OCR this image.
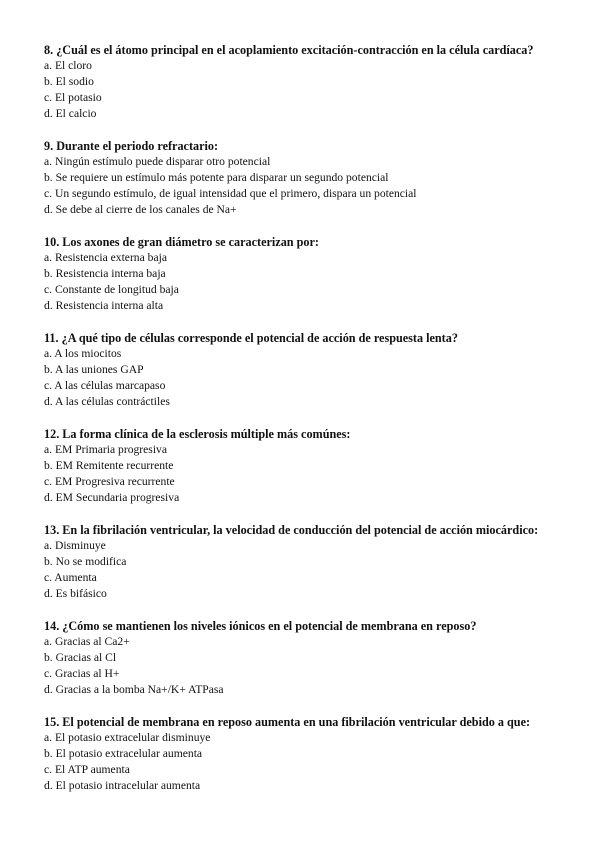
8. ¿Cuál es el átomo principal en el acoplamiento excitación-contracción en la célula cardíaca?

a. El cloro
b. El sodio
c. El potasio
d. El calcio

9. Durante el periodo refractario:

a. Ningún estímulo puede disparar otro potencial
b. Se requiere un estímulo más potente para disparar un segundo potencial
c. Un segundo estímulo, de igual intensidad que el primero, dispara un potencial
d. Se debe al cierre de los canales de Na+

10. Los axones de gran diámetro se caracterizan por:

a. Resistencia externa baja
b. Resistencia interna baja
c. Constante de longitud baja
d. Resistencia interna alta

11. ¿A qué tipo de células corresponde el potencial de acción de respuesta lenta?

a. A los miocitos
b. A las uniones GAP
c. A las células marcapaso
d. A las células contráctiles

12. La forma clínica de la esclerosis múltiple más comúnes:

a. EM Primaria progresiva
b. EM Remitente recurrente
c. EM Progresiva recurrente
d. EM Secundaria progresiva

13. En la fibrilación ventricular, la velocidad de conducción del potencial de acción miocárdico:

a. Disminuye
b. No se modifica
c. Aumenta
d. Es bifásico

14. ¿Cómo se mantienen los niveles iónicos en el potencial de membrana en reposo?

a. Gracias al Ca2+
b. Gracias al Cl
c. Gracias al H+
d. Gracias a la bomba Na+/K+ ATPasa

15. El potencial de membrana en reposo aumenta en una fibrilación ventricular debido a que:

a. El potasio extracelular disminuye
b. El potasio extracelular aumenta
c. El ATP aumenta
d. El potasio intracelular aumenta
